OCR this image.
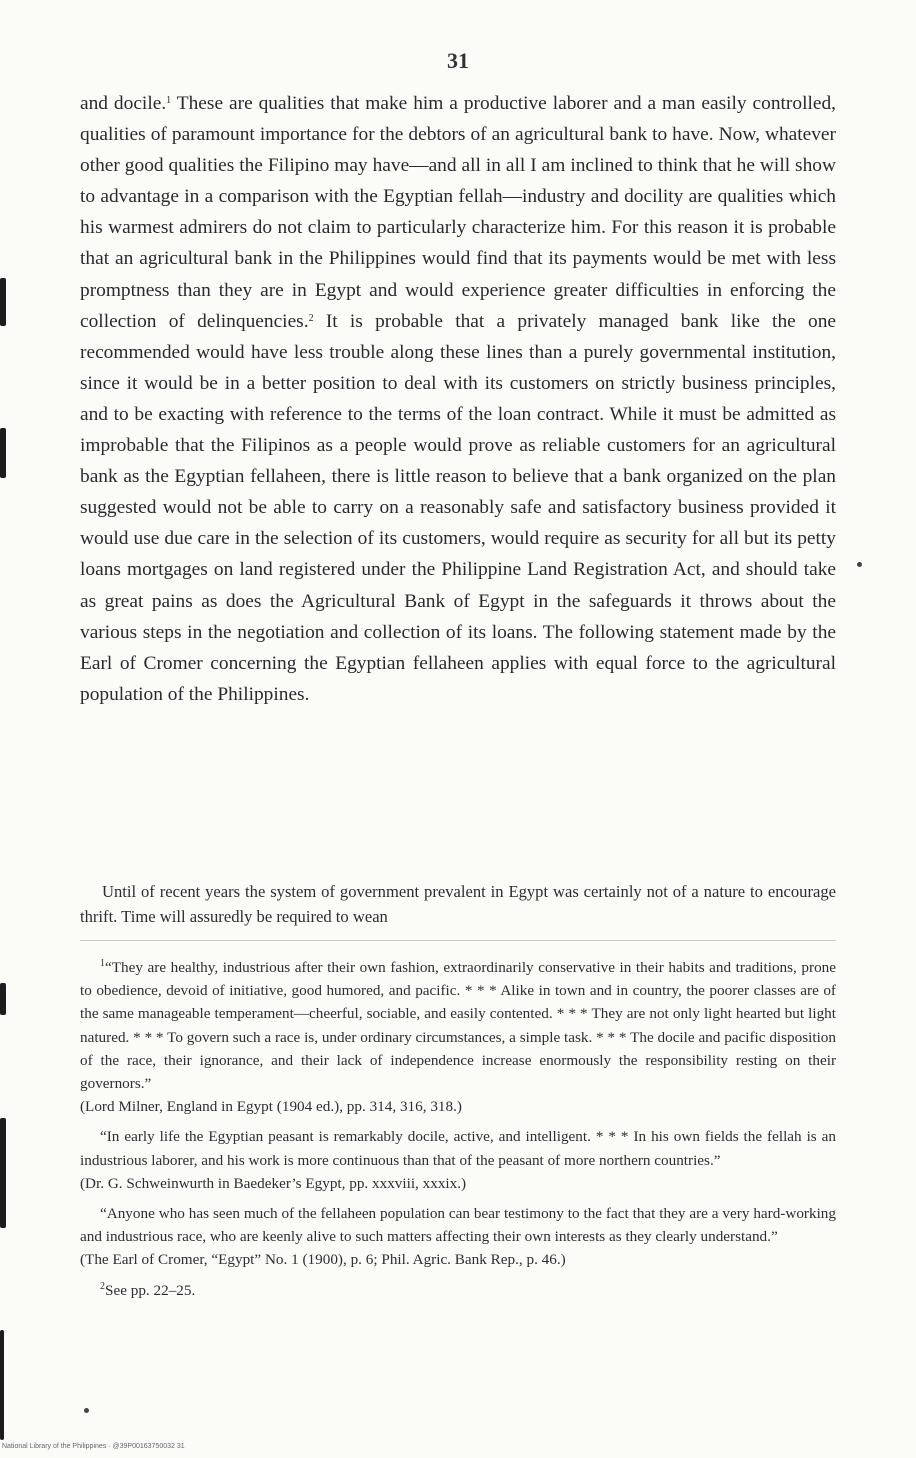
31

and docile.$^1$ These are qualities that make him a productive laborer and a man easily controlled, qualities of paramount importance for the debtors of an agricultural bank to have. Now, whatever other good qualities the Filipino may have—and all in all I am inclined to think that he will show to advantage in a comparison with the Egyptian fellah—industry and docility are qualities which his warmest admirers do not claim to particularly characterize him. For this reason it is probable that an agricultural bank in the Philippines would find that its payments would be met with less promptness than they are in Egypt and would experience greater difficulties in enforcing the collection of delinquencies.$^2$ It is probable that a privately managed bank like the one recommended would have less trouble along these lines than a purely governmental institution, since it would be in a better position to deal with its customers on strictly business principles, and to be exacting with reference to the terms of the loan contract. While it must be admitted as improbable that the Filipinos as a people would prove as reliable customers for an agricultural bank as the Egyptian fellaheen, there is little reason to believe that a bank organized on the plan suggested would not be able to carry on a reasonably safe and satisfactory business provided it would use due care in the selection of its customers, would require as security for all but its petty loans mortgages on land registered under the Philippine Land Registration Act, and should take as great pains as does the Agricultural Bank of Egypt in the safeguards it throws about the various steps in the negotiation and collection of its loans. The following statement made by the Earl of Cromer concerning the Egyptian fellaheen applies with equal force to the agricultural population of the Philippines.

Until of recent years the system of government prevalent in Egypt was certainly not of a nature to encourage thrift. Time will assuredly be required to wean

$^1$“They are healthy, industrious after their own fashion, extraordinarily conservative in their habits and traditions, prone to obedience, devoid of initiative, good humored, and pacific. * * * Alike in town and in country, the poorer classes are of the same manageable temperament—cheerful, sociable, and easily contented. * * * They are not only light hearted but light natured. * * * To govern such a race is, under ordinary circumstances, a simple task. * * * The docile and pacific disposition of the race, their ignorance, and their lack of independence increase enormously the responsibility resting on their governors.”

(Lord Milner, England in Egypt (1904 ed.), pp. 314, 316, 318.)

“In early life the Egyptian peasant is remarkably docile, active, and intelligent. * * * In his own fields the fellah is an industrious laborer, and his work is more continuous than that of the peasant of more northern countries.”

(Dr. G. Schweinwurth in Baedeker’s Egypt, pp. xxxviii, xxxix.)

“Anyone who has seen much of the fellaheen population can bear testimony to the fact that they are a very hard-working and industrious race, who are keenly alive to such matters affecting their own interests as they clearly understand.”

(The Earl of Cromer, “Egypt” No. 1 (1900), p. 6; Phil. Agric. Bank Rep., p. 46.)

$^2$See pp. 22–25.

National Library of the Philippines · @39P00163750032 31
